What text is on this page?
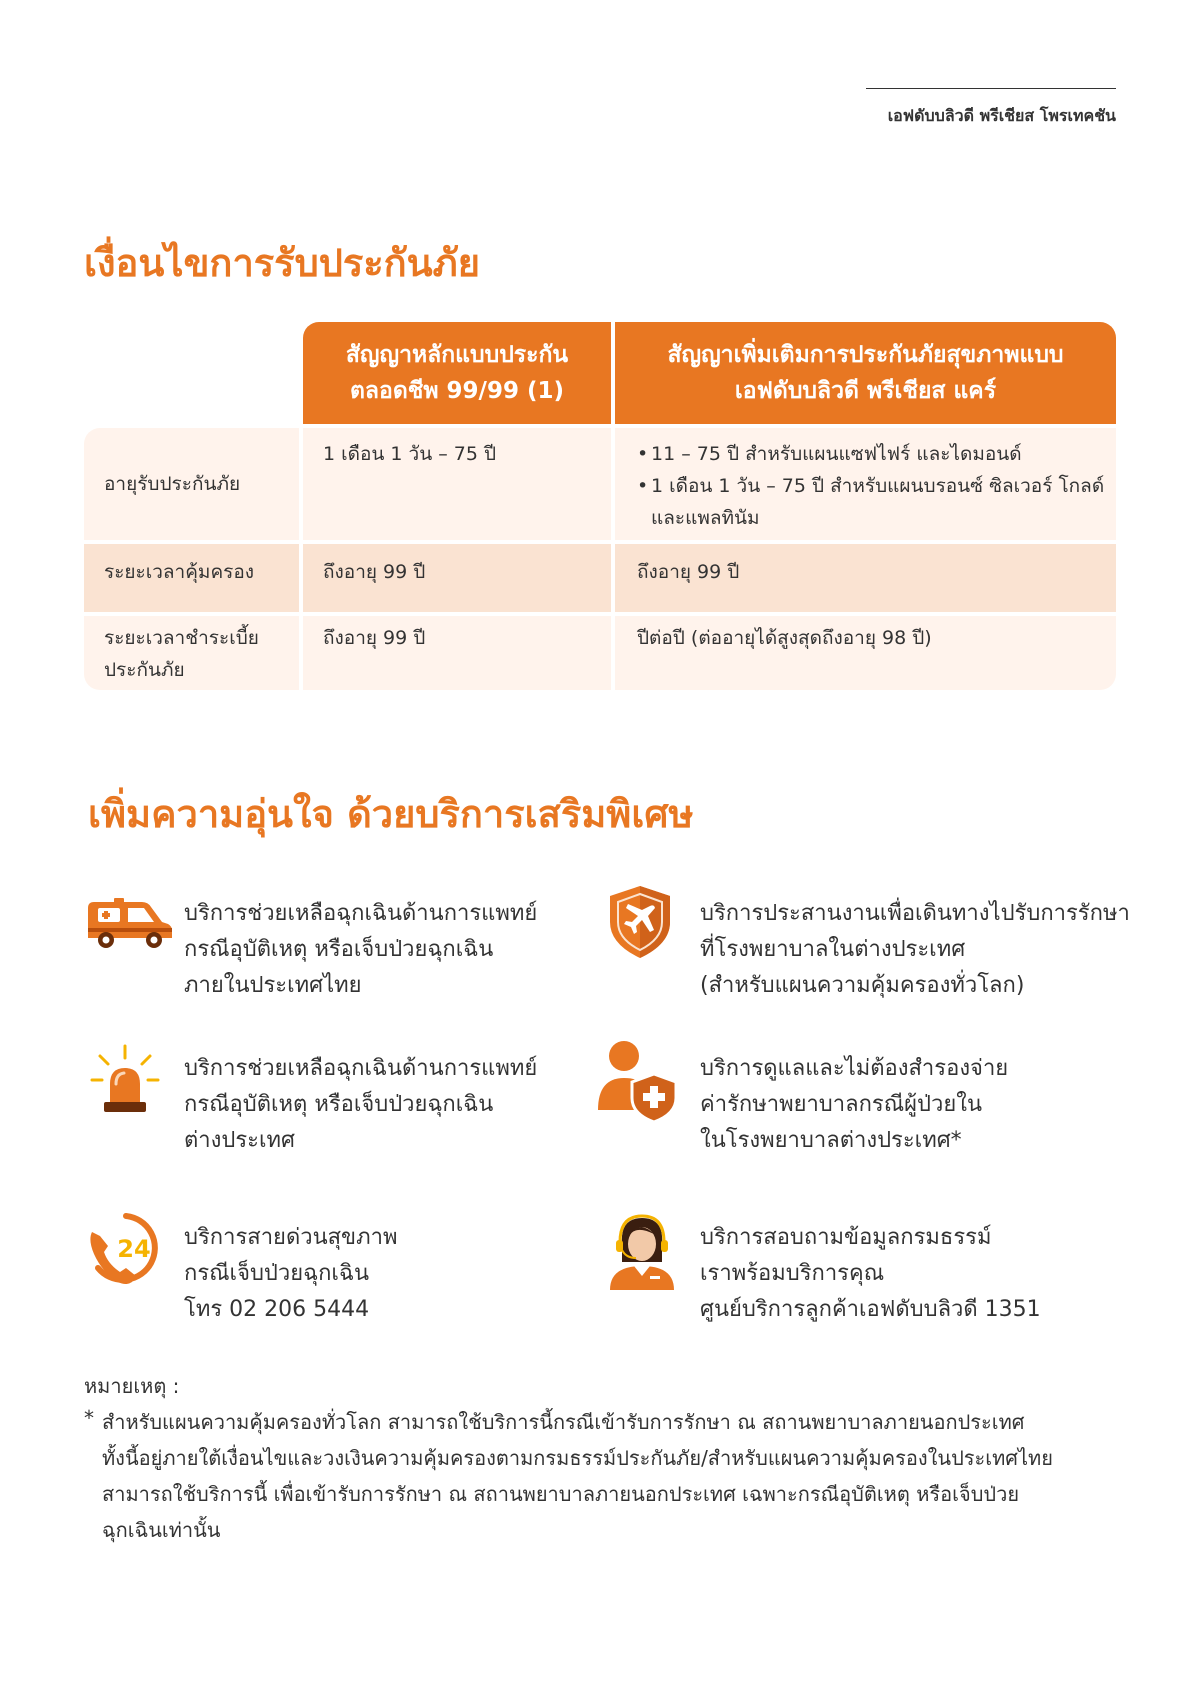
เอฟดับบลิวดี พรีเชียส โพรเทคชัน
เงื่อนไขการรับประกันภัย
สัญญาหลักแบบประกัน
ตลอดชีพ 99/99 (1)
สัญญาเพิ่มเติมการประกันภัยสุขภาพแบบ
เอฟดับบลิวดี พรีเชียส แคร์
อายุรับประกันภัย
1 เดือน 1 วัน – 75 ปี
•	11 – 75 ปี สำหรับแผนแซฟไฟร์ และไดมอนด์
• 1 เดือน 1 วัน – 75 ปี สำหรับแผนบรอนซ์ ซิลเวอร์ โกลด์ และแพลทินัม
ระยะเวลาคุ้มครอง	ถึงอายุ 99 ปี	ถึงอายุ 99 ปี
ระยะเวลาชำระเบี้ย
ประกันภัย
ถึงอายุ 99 ปี	ปีต่อปี (ต่ออายุได้สูงสุดถึงอายุ 98 ปี)
เพิ่มความอุ่นใจ ด้วยบริการเสริมพิเศษ
บริการช่วยเหลือฉุกเฉินด้านการแพทย์
กรณีอุบัติเหตุ หรือเจ็บป่วยฉุกเฉิน
ภายในประเทศไทย
บริการประสานงานเพื่อเดินทางไปรับการรักษา
ที่โรงพยาบาลในต่างประเทศ
(สำหรับแผนความคุ้มครองทั่วโลก)
บริการช่วยเหลือฉุกเฉินด้านการแพทย์
กรณีอุบัติเหตุ หรือเจ็บป่วยฉุกเฉิน
ต่างประเทศ
บริการดูแลและไม่ต้องสำรองจ่าย
ค่ารักษาพยาบาลกรณีผู้ป่วยใน
ในโรงพยาบาลต่างประเทศ*
24 บริการสายด่วนสุขภาพ
กรณีเจ็บป่วยฉุกเฉิน
โทร 02 206 5444
บริการสอบถามข้อมูลกรมธรรม์
เราพร้อมบริการคุณ
ศูนย์บริการลูกค้าเอฟดับบลิวดี 1351
หมายเหตุ :
* สำหรับแผนความคุ้มครองทั่วโลก สามารถใช้บริการนี้กรณีเข้ารับการรักษา ณ สถานพยาบาลภายนอกประเทศ
ทั้งนี้อยู่ภายใต้เงื่อนไขและวงเงินความคุ้มครองตามกรมธรรม์ประกันภัย/สำหรับแผนความคุ้มครองในประเทศไทย
สามารถใช้บริการนี้ เพื่อเข้ารับการรักษา ณ สถานพยาบาลภายนอกประเทศ เฉพาะกรณีอุบัติเหตุ หรือเจ็บป่วย
ฉุกเฉินเท่านั้น
